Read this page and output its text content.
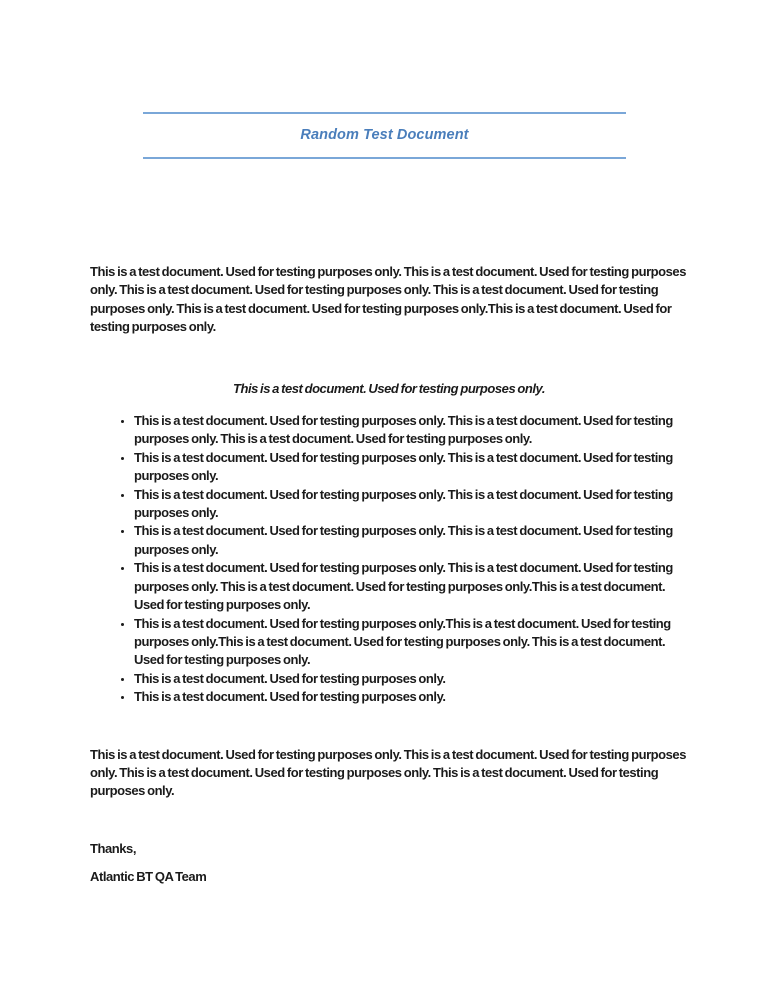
Random Test Document

This is a test document. Used for testing purposes only. This is a test document. Used for testing purposes only. This is a test document. Used for testing purposes only. This is a test document. Used for testing purposes only. This is a test document. Used for testing purposes only.This is a test document. Used for testing purposes only.

This is a test document. Used for testing purposes only.

• This is a test document. Used for testing purposes only. This is a test document. Used for testing purposes only. This is a test document. Used for testing purposes only.
• This is a test document. Used for testing purposes only. This is a test document. Used for testing purposes only.
• This is a test document. Used for testing purposes only. This is a test document. Used for testing purposes only.
• This is a test document. Used for testing purposes only. This is a test document. Used for testing purposes only.
• This is a test document. Used for testing purposes only. This is a test document. Used for testing purposes only. This is a test document. Used for testing purposes only.This is a test document. Used for testing purposes only.
• This is a test document. Used for testing purposes only.This is a test document. Used for testing purposes only.This is a test document. Used for testing purposes only. This is a test document. Used for testing purposes only.
• This is a test document. Used for testing purposes only.
• This is a test document. Used for testing purposes only.

This is a test document. Used for testing purposes only. This is a test document. Used for testing purposes only. This is a test document. Used for testing purposes only. This is a test document. Used for testing purposes only.

Thanks,

Atlantic BT QA Team
